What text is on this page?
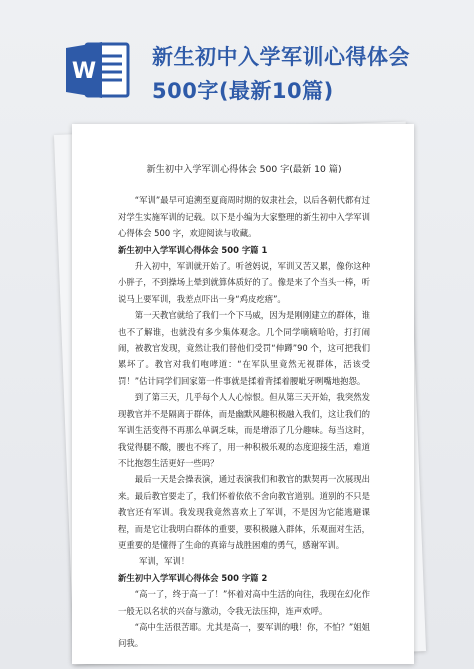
W
新生初中入学军训心得体会500字(最新10篇)
新生初中入学军训心得体会 500 字(最新 10 篇)

“军训”最早可追溯至夏商周时期的奴隶社会，以后各朝代都有过对学生实施军训的记载。以下是小编为大家整理的新生初中入学军训心得体会 500 字，欢迎阅读与收藏。

新生初中入学军训心得体会 500 字篇 1

升入初中，军训就开始了。听爸妈说，军训又苦又累，像你这种小胖子，不到操场上晕到就算体质好的了。像是来了个当头一棒，听说马上要军训，我差点吓出一身“鸡皮疙瘩”。

第一天教官就给了我们一个下马威，因为是刚刚建立的群体，谁也不了解谁，也就没有多少集体观念。几个同学嘀嘀哈哈，打打闹闹，被教官发现，竟然让我们替他们受罚“伸蹲”90 个，这可把我们累坏了。教官对我们咆哮道：“在军队里竟然无视群体，活该受罚！”估计同学们回家第一件事就是揉着背揉着腰呲牙咧嘴地抱怨。

到了第三天，几乎每个人人心惊恨。但从第三天开始，我突然发现教官并不是隔离于群体，而是幽默风趣积极融入我们，这让我们的军训生活变得不再那么单调乏味，而是增添了几分趣味。每当这时，我觉得腿不酸，腰也不疼了，用一种积极乐观的态度迎接生活，难道不比抱怨生活更好一些吗？

最后一天是会操表演，通过表演我们和教官的默契再一次展现出来。最后教官要走了，我们怀着依依不舍向教官道别。道别的不只是教官还有军训。我发现我竟然喜欢上了军训，不是因为它能逃避课程，而是它让我明白群体的重要，要积极融入群体，乐观面对生活，更重要的是懂得了生命的真谛与战胜困难的勇气，感谢军训。

军训，军训！

新生初中入学军训心得体会 500 字篇 2

“高一了，终于高一了！”怀着对高中生活的向往，我现在幻化作一般无以名状的兴奋与激动，令我无法压抑，连声欢呼。

“高中生活很苦耶。尤其是高一，要军训的哦！你，不怕？”姐姐问我。
